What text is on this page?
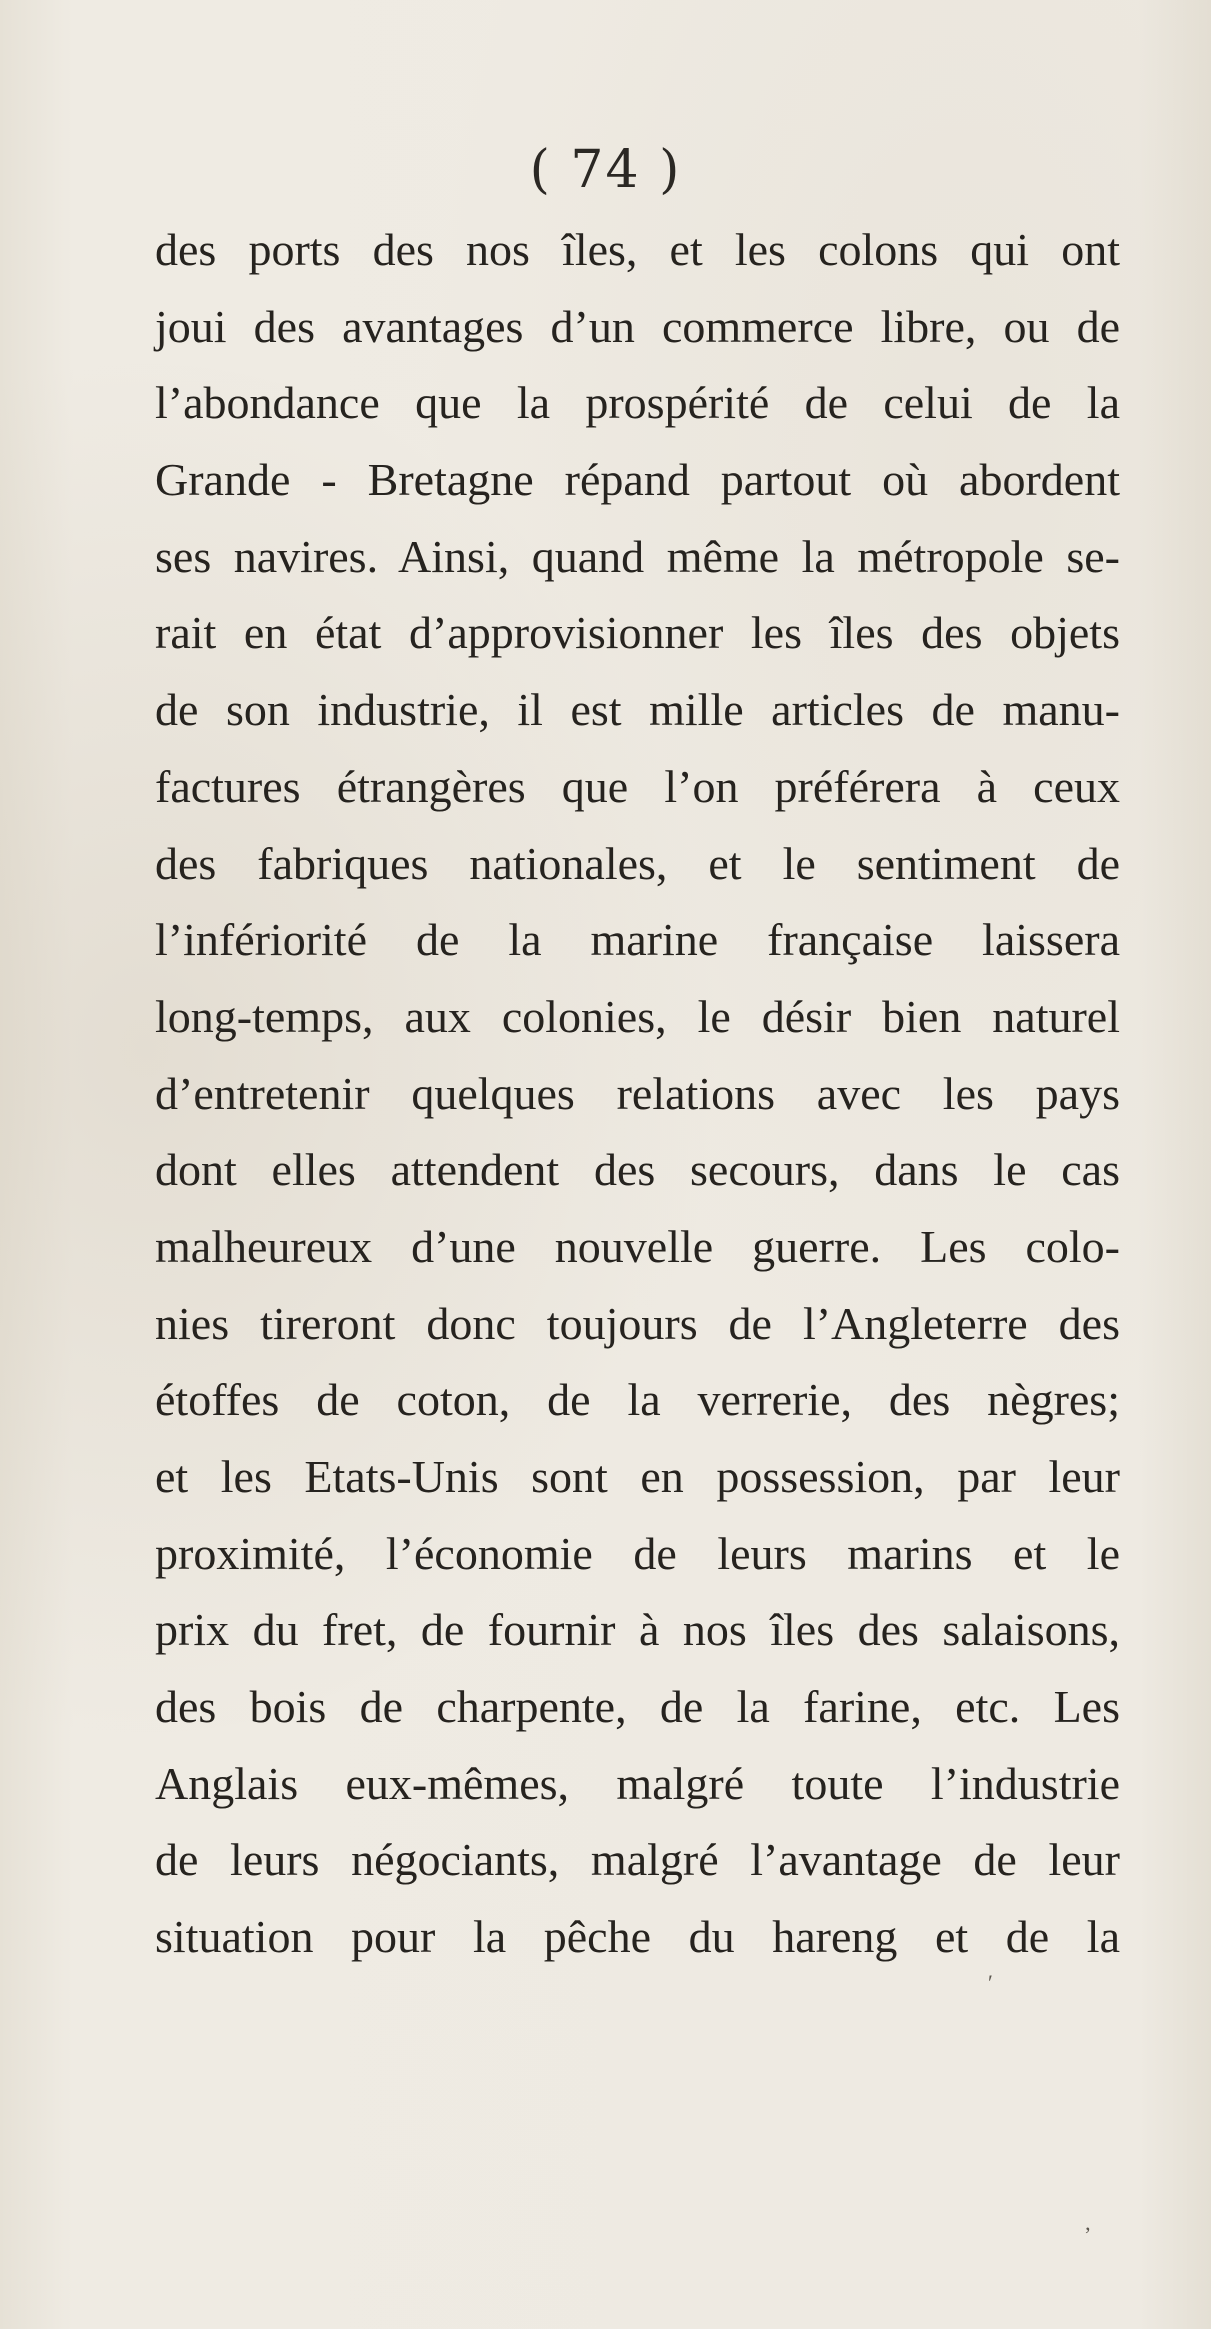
( 74 )
des ports des nos îles, et les colons qui ont
joui des avantages d’un commerce libre, ou de
l’abondance que la prospérité de celui de la
Grande - Bretagne répand partout où abordent
ses navires. Ainsi, quand même la métropole se-
rait en état d’approvisionner les îles des objets
de son industrie, il est mille articles de manu-
factures étrangères que l’on préférera à ceux
des fabriques nationales, et le sentiment de
l’infériorité de la marine française laissera
long-temps, aux colonies, le désir bien naturel
d’entretenir quelques relations avec les pays
dont elles attendent des secours, dans le cas
malheureux d’une nouvelle guerre. Les colo-
nies tireront donc toujours de l’Angleterre des
étoffes de coton, de la verrerie, des nègres;
et les Etats-Unis sont en possession, par leur
proximité, l’économie de leurs marins et le
prix du fret, de fournir à nos îles des salaisons,
des bois de charpente, de la farine, etc. Les
Anglais eux-mêmes, malgré toute l’industrie
de leurs négociants, malgré l’avantage de leur
situation pour la pêche du hareng et de la
′
’
